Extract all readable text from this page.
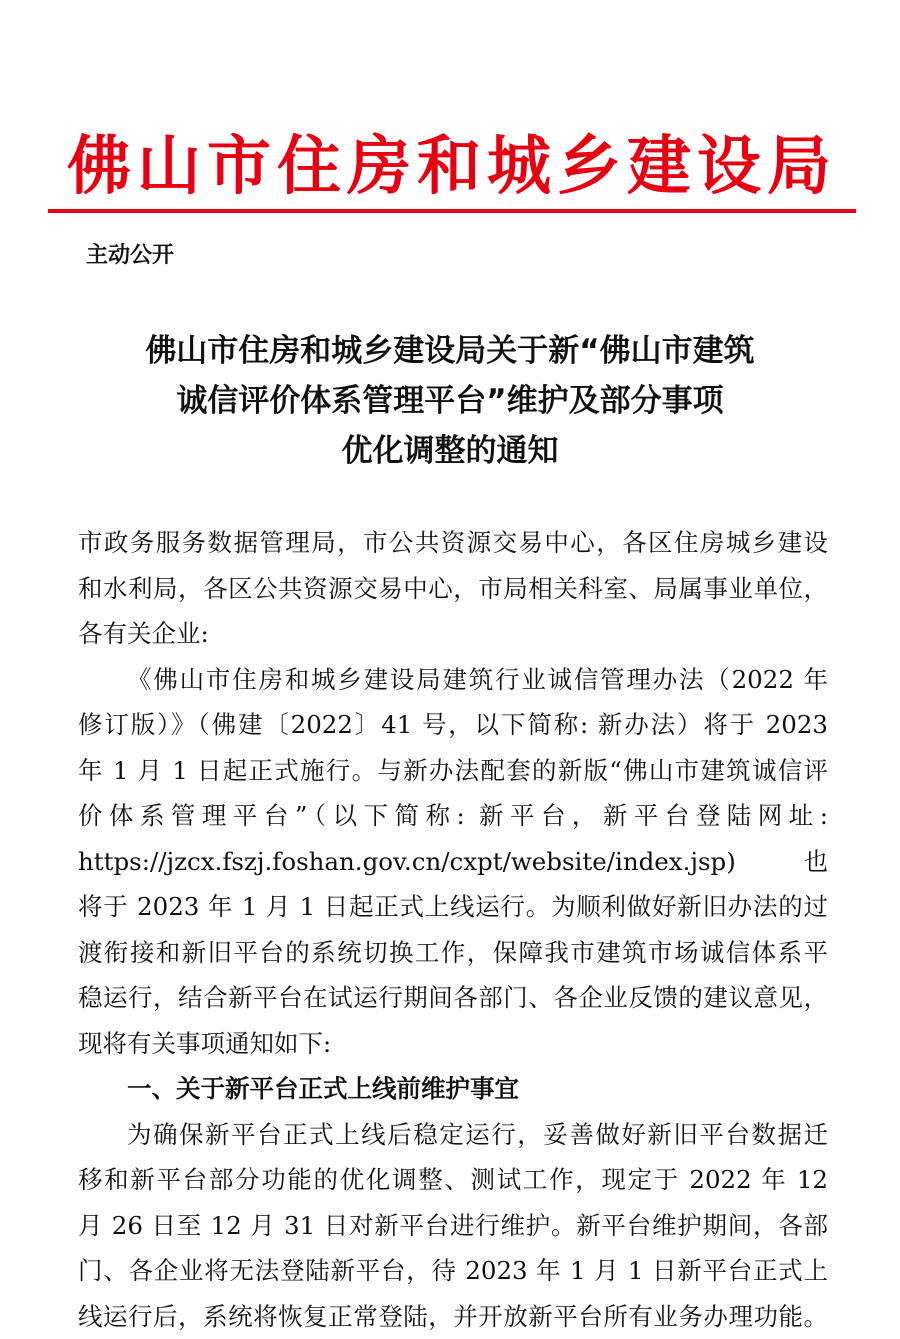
佛山市住房和城乡建设局
主动公开
佛山市住房和城乡建设局关于新“佛山市建筑
诚信评价体系管理平台”维护及部分事项
优化调整的通知
市政务服务数据管理局，市公共资源交易中心，各区住房城乡建设
和水利局，各区公共资源交易中心，市局相关科室、局属事业单位，
各有关企业:
《佛山市住房和城乡建设局建筑行业诚信管理办法（2022 年
修订版）》（佛建〔2022〕41 号，以下简称: 新办法）将于 2023
年 1 月 1 日起正式施行。与新办法配套的新版“佛山市建筑诚信评
价体系管理平台”（以下简称: 新平台，新平台登陆网址:
https://jzcx.fszj.foshan.gov.cn/cxpt/website/index.jsp)也
将于 2023 年 1 月 1 日起正式上线运行。为顺利做好新旧办法的过
渡衔接和新旧平台的系统切换工作，保障我市建筑市场诚信体系平
稳运行，结合新平台在试运行期间各部门、各企业反馈的建议意见，
现将有关事项通知如下:
一、关于新平台正式上线前维护事宜
为确保新平台正式上线后稳定运行，妥善做好新旧平台数据迁
移和新平台部分功能的优化调整、测试工作，现定于 2022 年 12
月 26 日至 12 月 31 日对新平台进行维护。新平台维护期间，各部
门、各企业将无法登陆新平台，待 2023 年 1 月 1 日新平台正式上
线运行后，系统将恢复正常登陆，并开放新平台所有业务办理功能。
